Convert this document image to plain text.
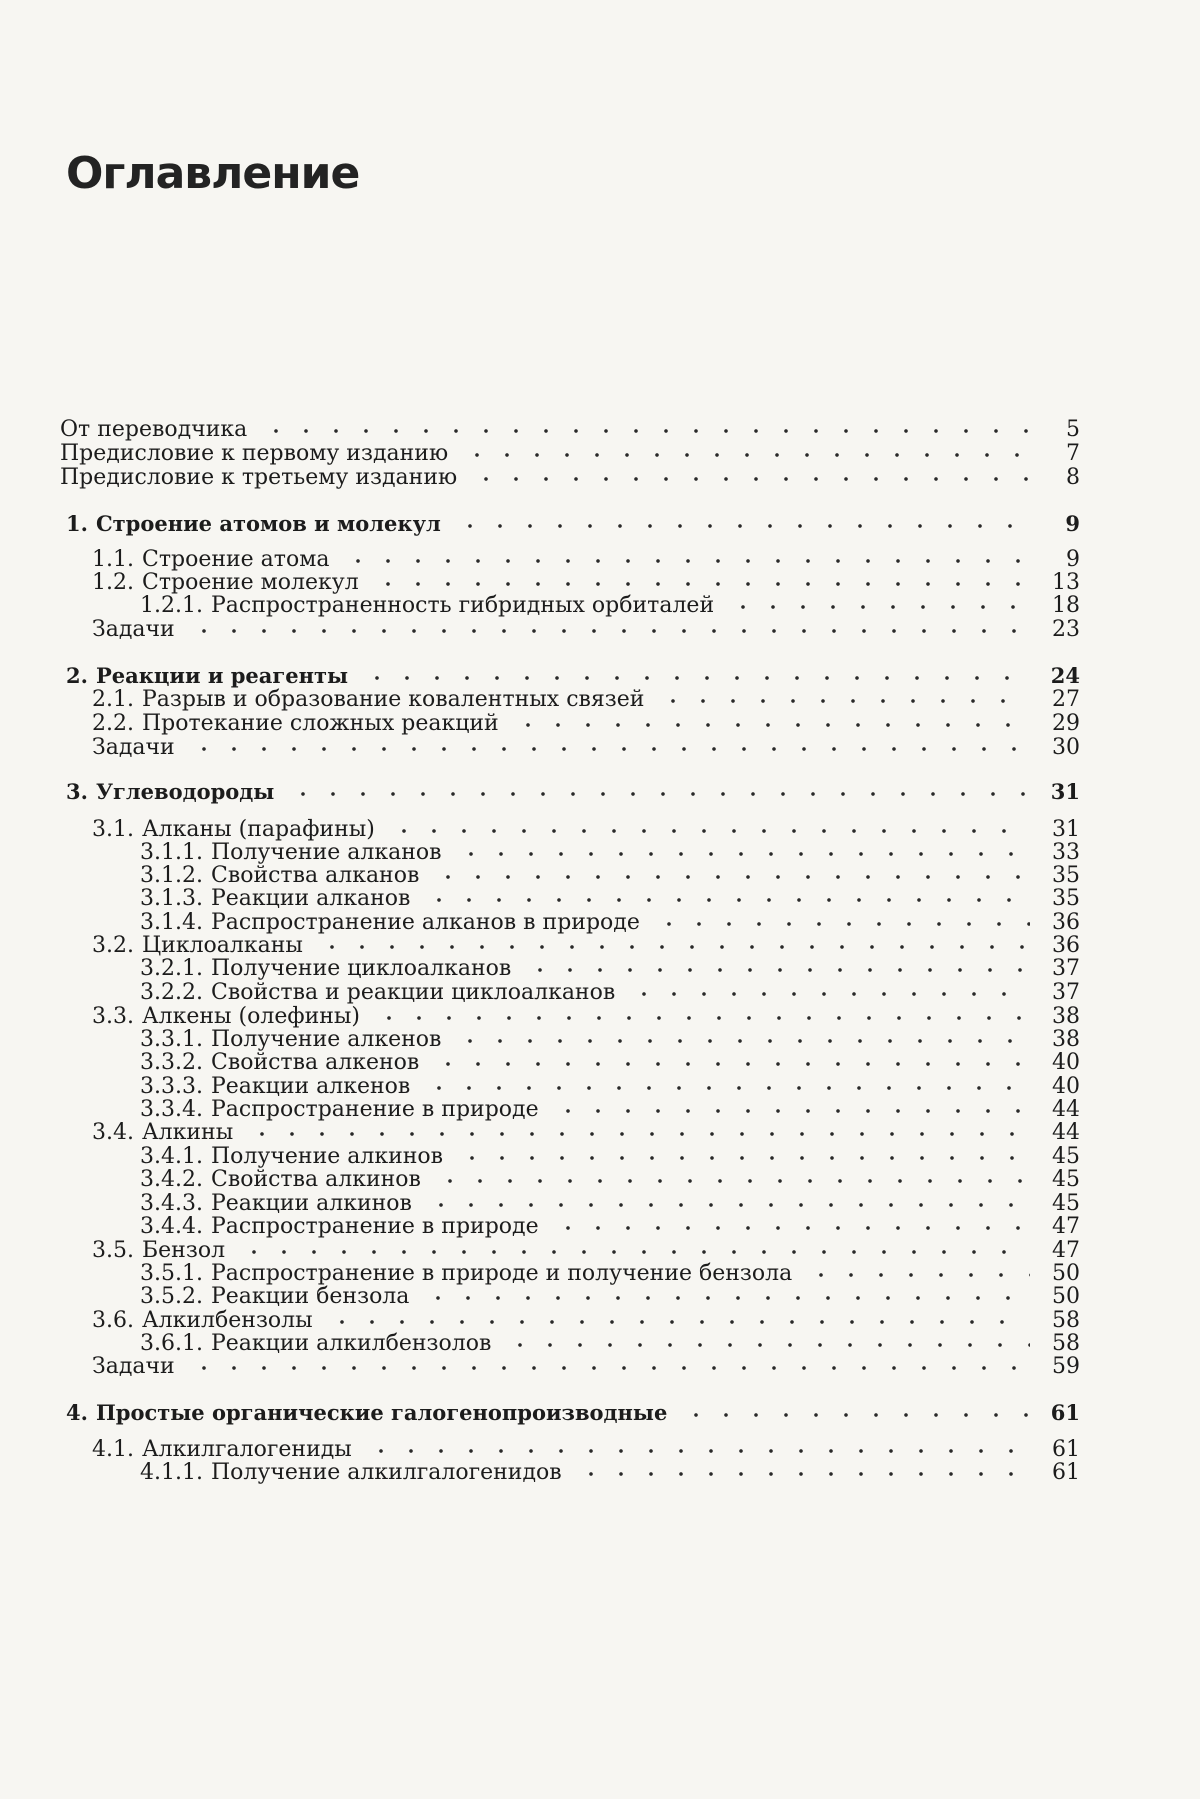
Оглавление
От переводчика	5
Предисловие к первому изданию	7
Предисловие к третьему изданию	8
1. Строение атомов и молекул	9
1.1. Строение атома	9
1.2. Строение молекул	13
1.2.1. Распространенность гибридных орбиталей	18
Задачи	23
2. Реакции и реагенты	24
2.1. Разрыв и образование ковалентных связей	27
2.2. Протекание сложных реакций	29
Задачи	30
3. Углеводороды	31
3.1. Алканы (парафины)	31
3.1.1. Получение алканов	33
3.1.2. Свойства алканов	35
3.1.3. Реакции алканов	35
3.1.4. Распространение алканов в природе	36
3.2. Циклоалканы	36
3.2.1. Получение циклоалканов	37
3.2.2. Свойства и реакции циклоалканов	37
3.3. Алкены (олефины)	38
3.3.1. Получение алкенов	38
3.3.2. Свойства алкенов	40
3.3.3. Реакции алкенов	40
3.3.4. Распространение в природе	44
3.4. Алкины	44
3.4.1. Получение алкинов	45
3.4.2. Свойства алкинов	45
3.4.3. Реакции алкинов	45
3.4.4. Распространение в природе	47
3.5. Бензол	47
3.5.1. Распространение в природе и получение бензола	50
3.5.2. Реакции бензола	50
3.6. Алкилбензолы	58
3.6.1. Реакции алкилбензолов	58
Задачи	59
4. Простые органические галогенопроизводные	61
4.1. Алкилгалогениды	61
4.1.1. Получение алкилгалогенидов	61
